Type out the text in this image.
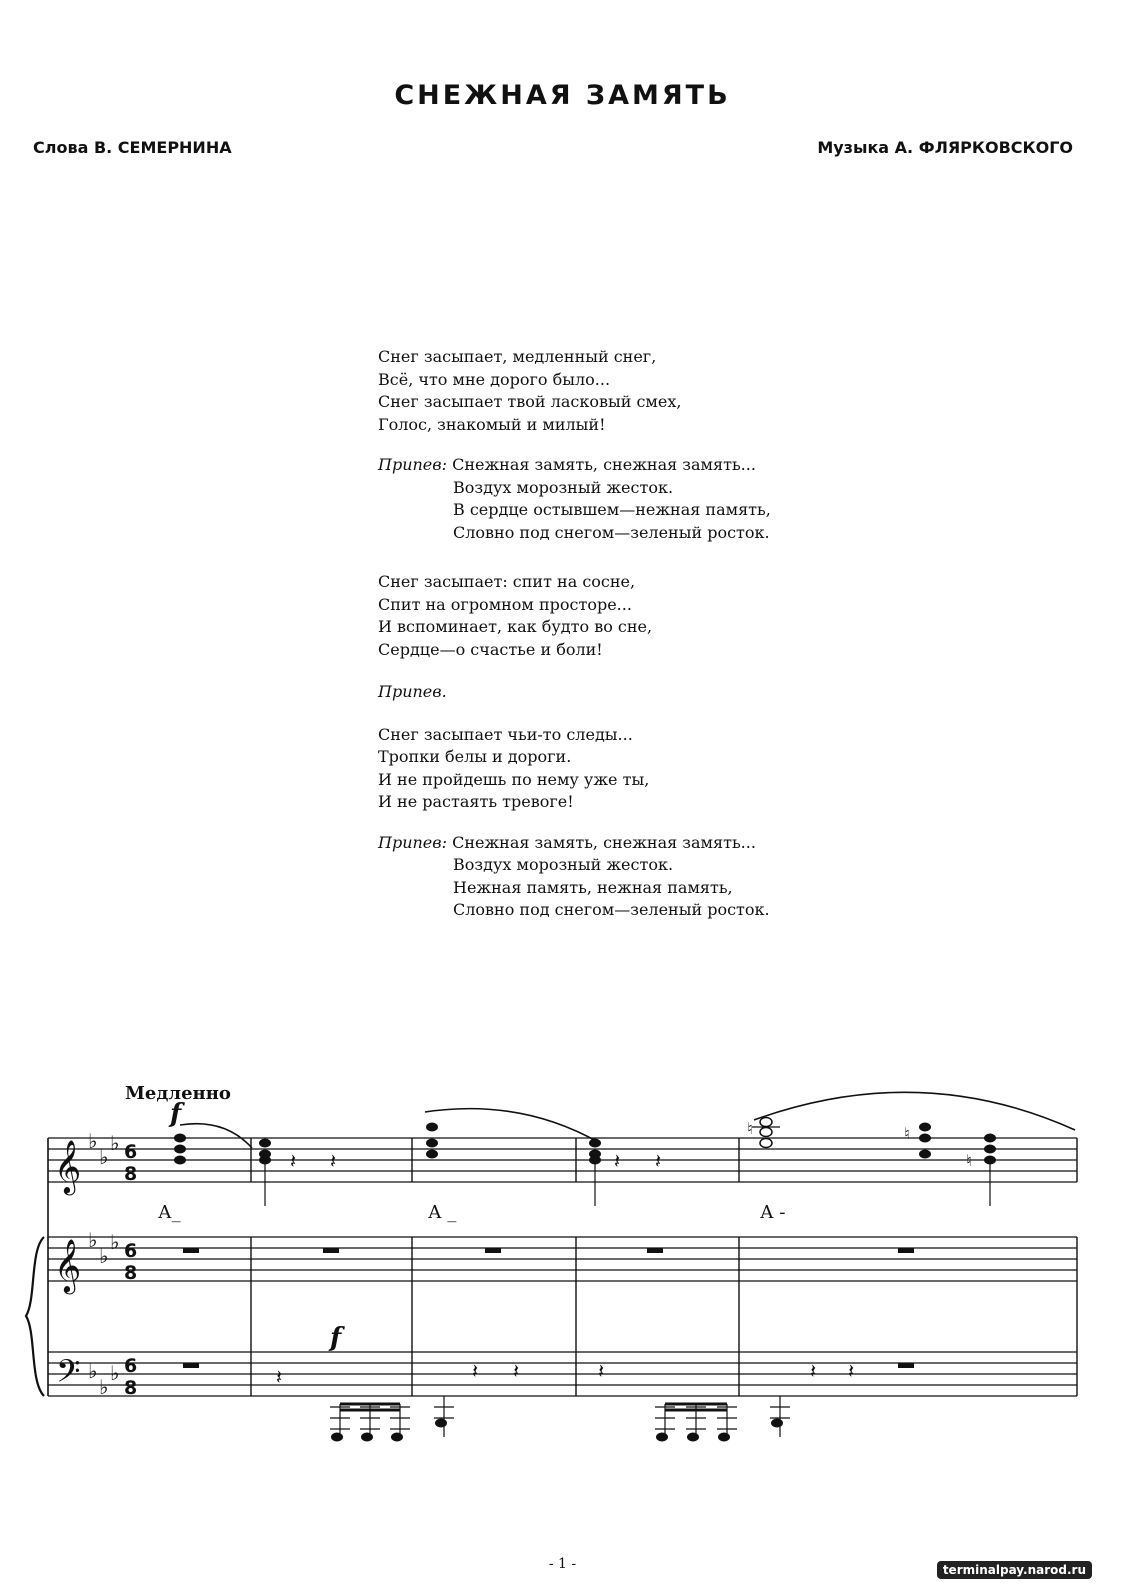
СНЕЖНАЯ ЗАМЯТЬ
Слова В. СЕМЕРНИНА	Музыка А. ФЛЯРКОВСКОГО
Снег засыпает, медленный снег,
Всё, что мне дорого было...
Снег засыпает твой ласковый смех,
Голос, знакомый и милый!
Припев: Снежная замять, снежная замять...
Воздух морозный жесток.
В сердце остывшем—нежная память,
Словно под снегом—зеленый росток.
Снег засыпает: спит на сосне,
Спит на огромном просторе...
И вспоминает, как будто во сне,
Сердце—о счастье и боли!
Припев.
Снег засыпает чьи-то следы...
Тропки белы и дороги.
И не пройдешь по нему уже ты,
И не растаять тревоге!
Припев: Снежная замять, снежная замять...
Воздух морозный жесток.
Нежная память, нежная память,
Словно под снегом—зеленый росток.
Медленно
𝄞
𝄞
𝄢
♭
♭
♭
♭
♭
♭
♭
♭
♭
6
8
6
8
6
8
𝄽 𝄽	𝄽 𝄽
𝄽	𝄽 𝄽	𝄽	𝄽 𝄽
♮	♮
♮
f
f
А_	А _	А -
- 1 -	terminalpay.narod.ru
